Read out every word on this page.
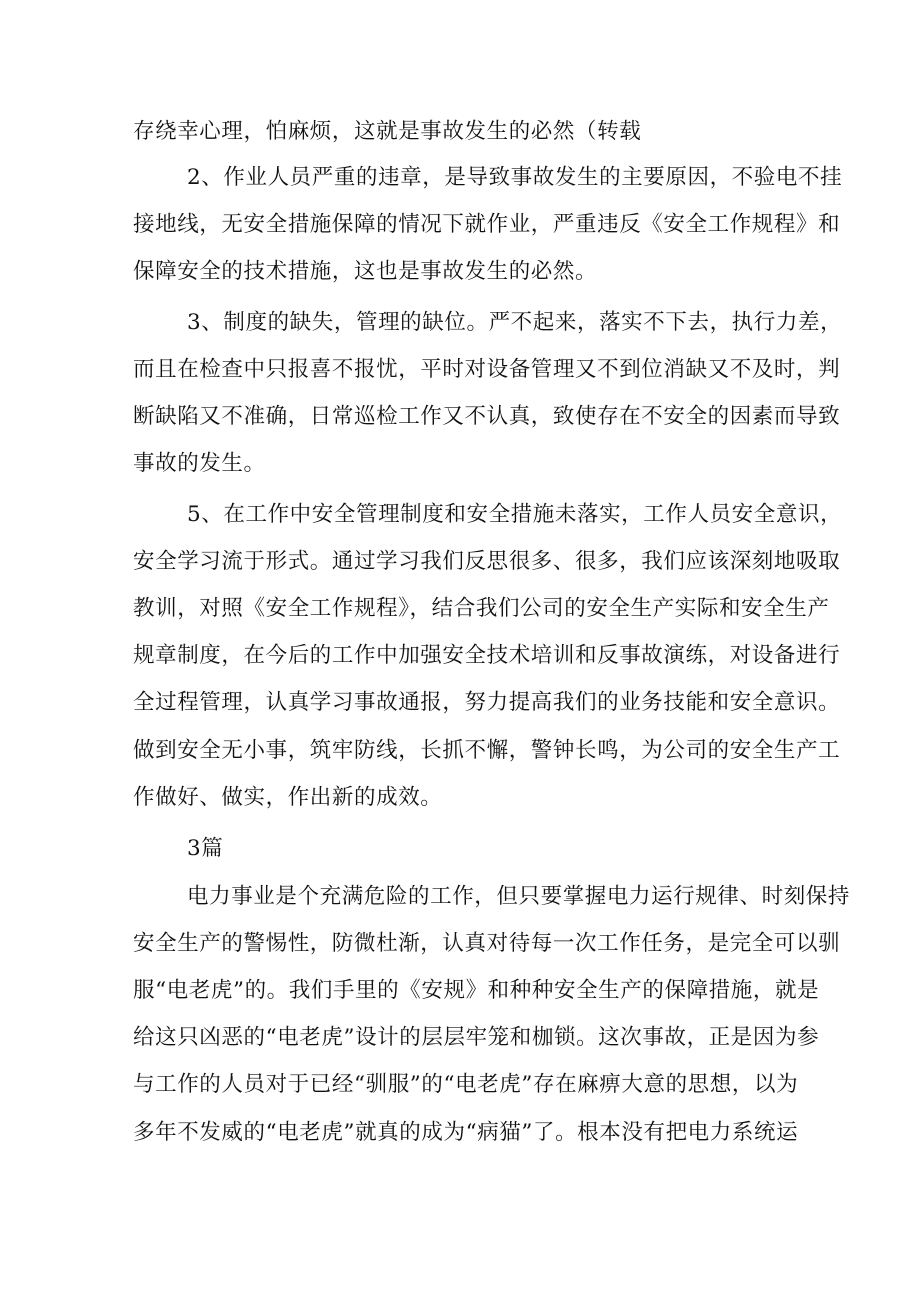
存绕幸心理，怕麻烦，这就是事故发生的必然（转载
2、作业人员严重的违章，是导致事故发生的主要原因，不验电不挂
接地线，无安全措施保障的情况下就作业，严重违反《安全工作规程》和
保障安全的技术措施，这也是事故发生的必然。
3、制度的缺失，管理的缺位。严不起来，落实不下去，执行力差，
而且在检查中只报喜不报忧，平时对设备管理又不到位消缺又不及时，判
断缺陷又不准确，日常巡检工作又不认真，致使存在不安全的因素而导致
事故的发生。
5、在工作中安全管理制度和安全措施未落实，工作人员安全意识，
安全学习流于形式。通过学习我们反思很多、很多，我们应该深刻地吸取
教训，对照《安全工作规程》，结合我们公司的安全生产实际和安全生产
规章制度，在今后的工作中加强安全技术培训和反事故演练，对设备进行
全过程管理，认真学习事故通报，努力提高我们的业务技能和安全意识。
做到安全无小事，筑牢防线，长抓不懈，警钟长鸣，为公司的安全生产工
作做好、做实，作出新的成效。
3篇
电力事业是个充满危险的工作，但只要掌握电力运行规律、时刻保持
安全生产的警惕性，防微杜渐，认真对待每一次工作任务，是完全可以驯
服“电老虎”的。我们手里的《安规》和种种安全生产的保障措施，就是
给这只凶恶的“电老虎”设计的层层牢笼和枷锁。这次事故，正是因为参
与工作的人员对于已经“驯服”的“电老虎”存在麻痹大意的思想，以为
多年不发威的“电老虎”就真的成为“病猫”了。根本没有把电力系统运
